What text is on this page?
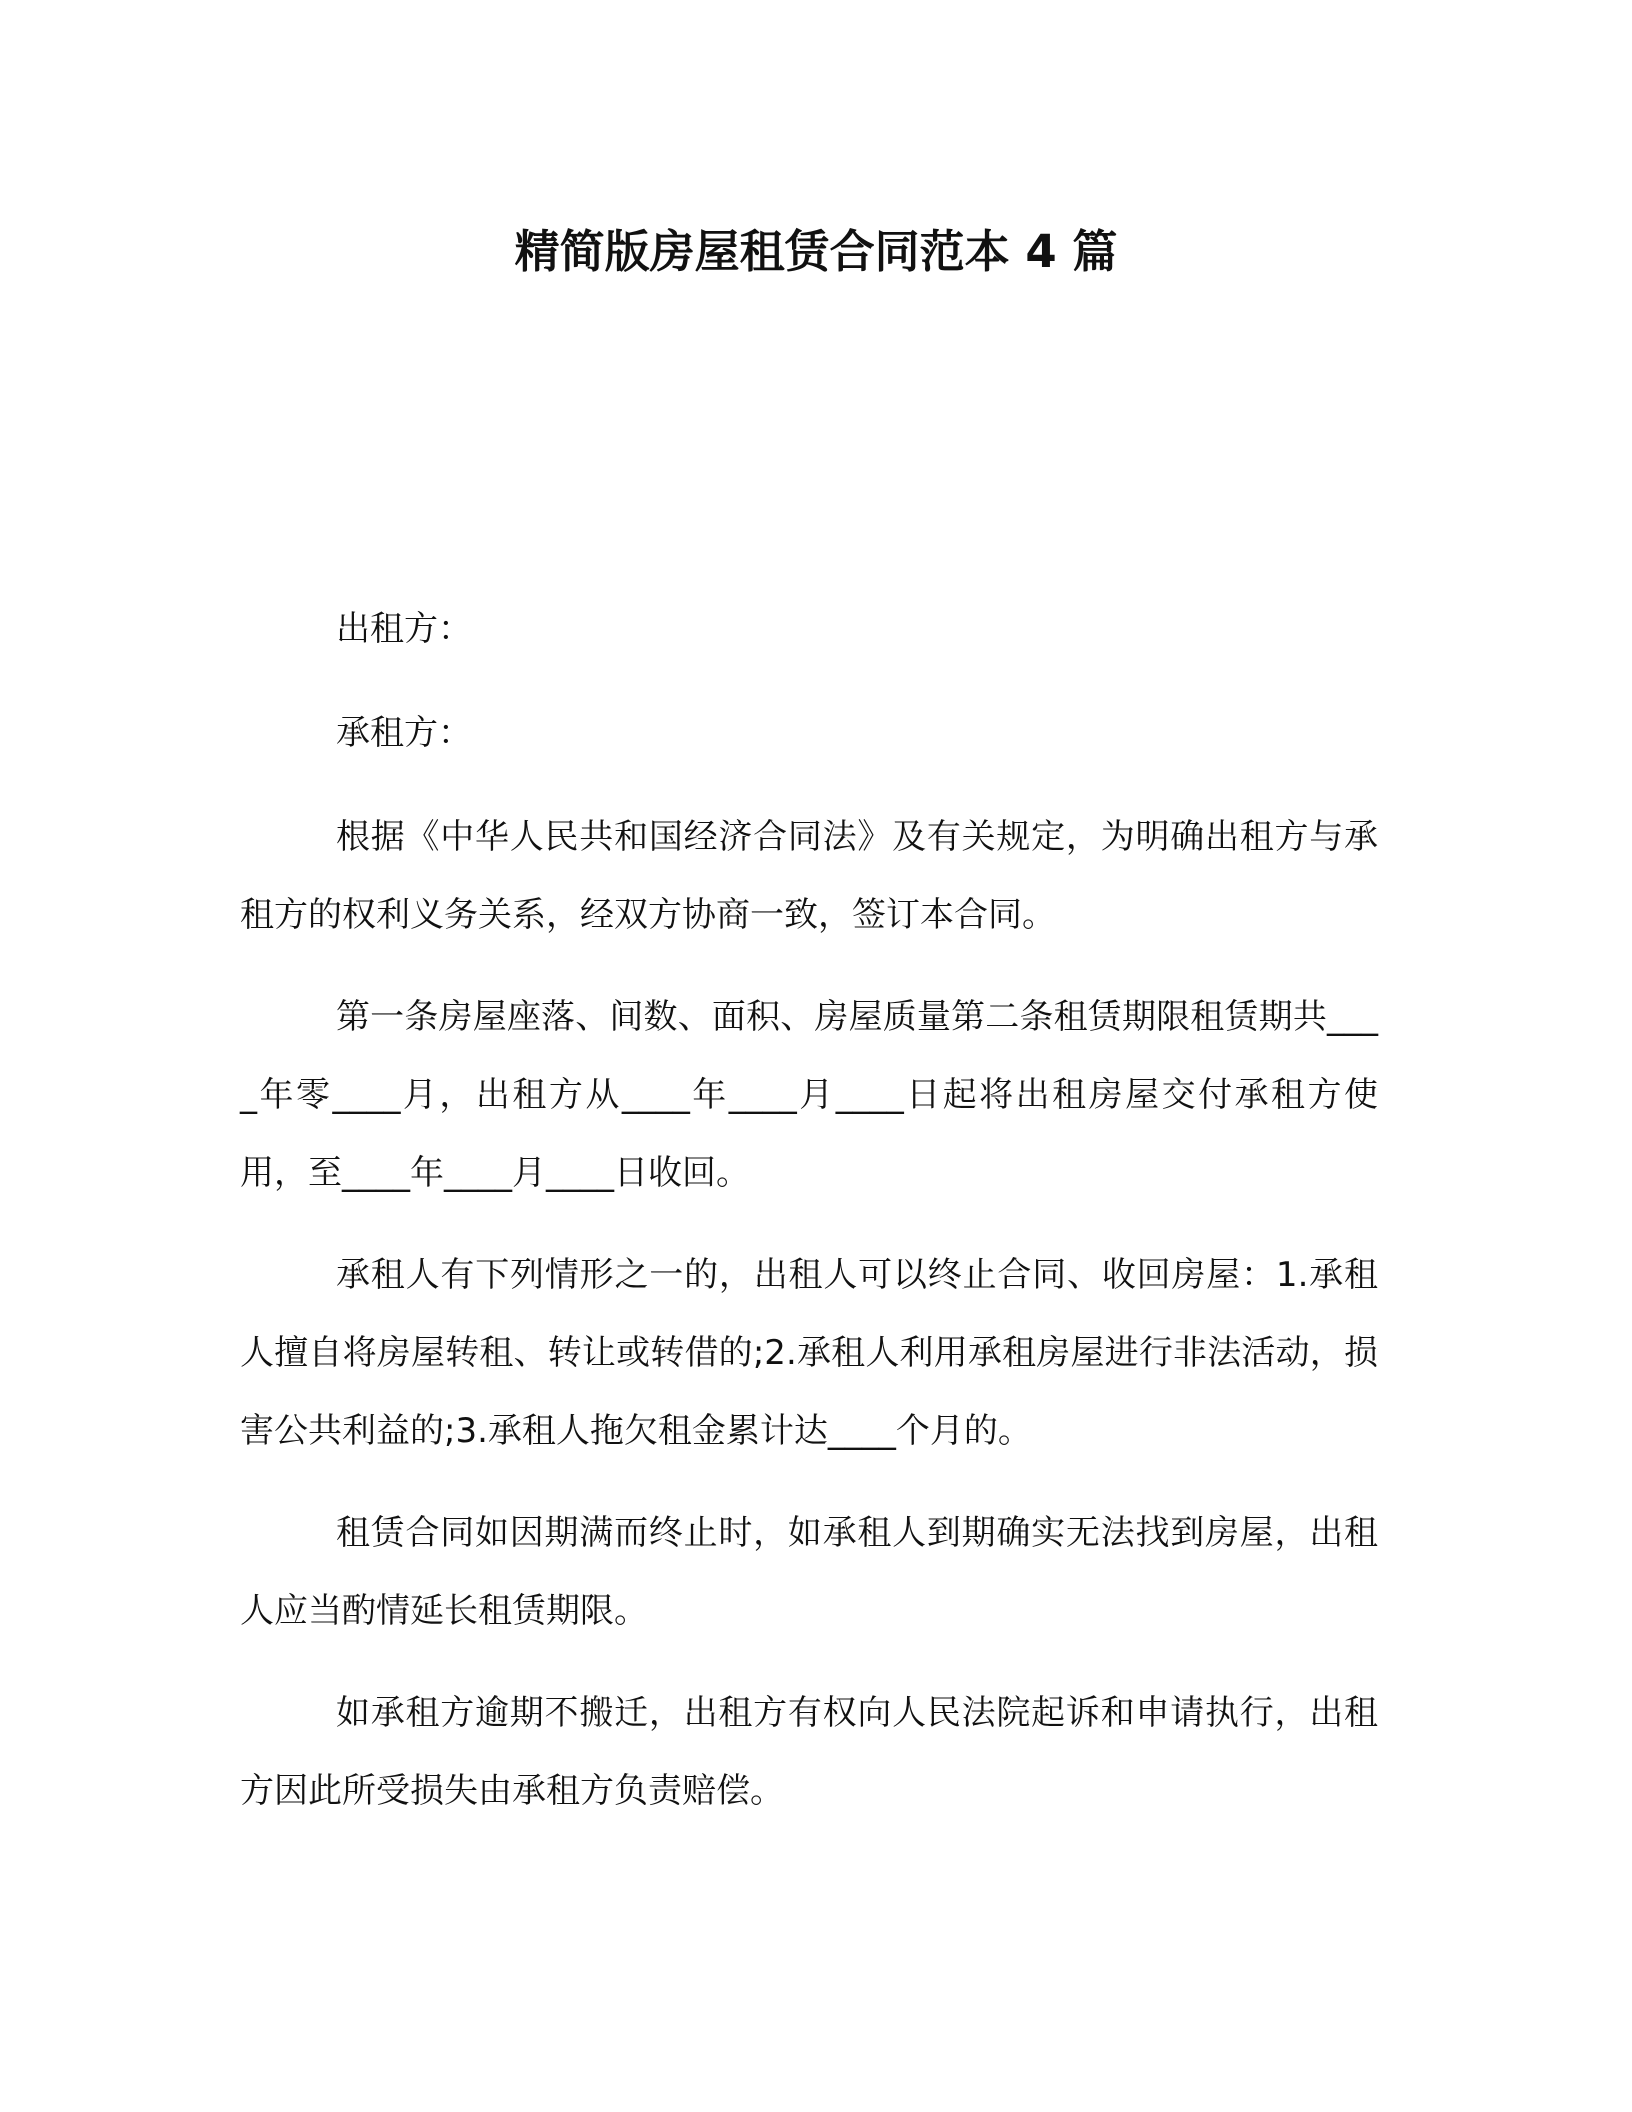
精简版房屋租赁合同范本 4 篇

出租方：

承租方：

根据《中华人民共和国经济合同法》及有关规定，为明确出租方与承租方的权利义务关系，经双方协商一致，签订本合同。

第一条房屋座落、间数、面积、房屋质量第二条租赁期限租赁期共____年零____月，出租方从____年____月____日起将出租房屋交付承租方使用，至____年____月____日收回。

承租人有下列情形之一的，出租人可以终止合同、收回房屋：1.承租人擅自将房屋转租、转让或转借的;2.承租人利用承租房屋进行非法活动，损害公共利益的;3.承租人拖欠租金累计达____个月的。

租赁合同如因期满而终止时，如承租人到期确实无法找到房屋，出租人应当酌情延长租赁期限。

如承租方逾期不搬迁，出租方有权向人民法院起诉和申请执行，出租方因此所受损失由承租方负责赔偿。
